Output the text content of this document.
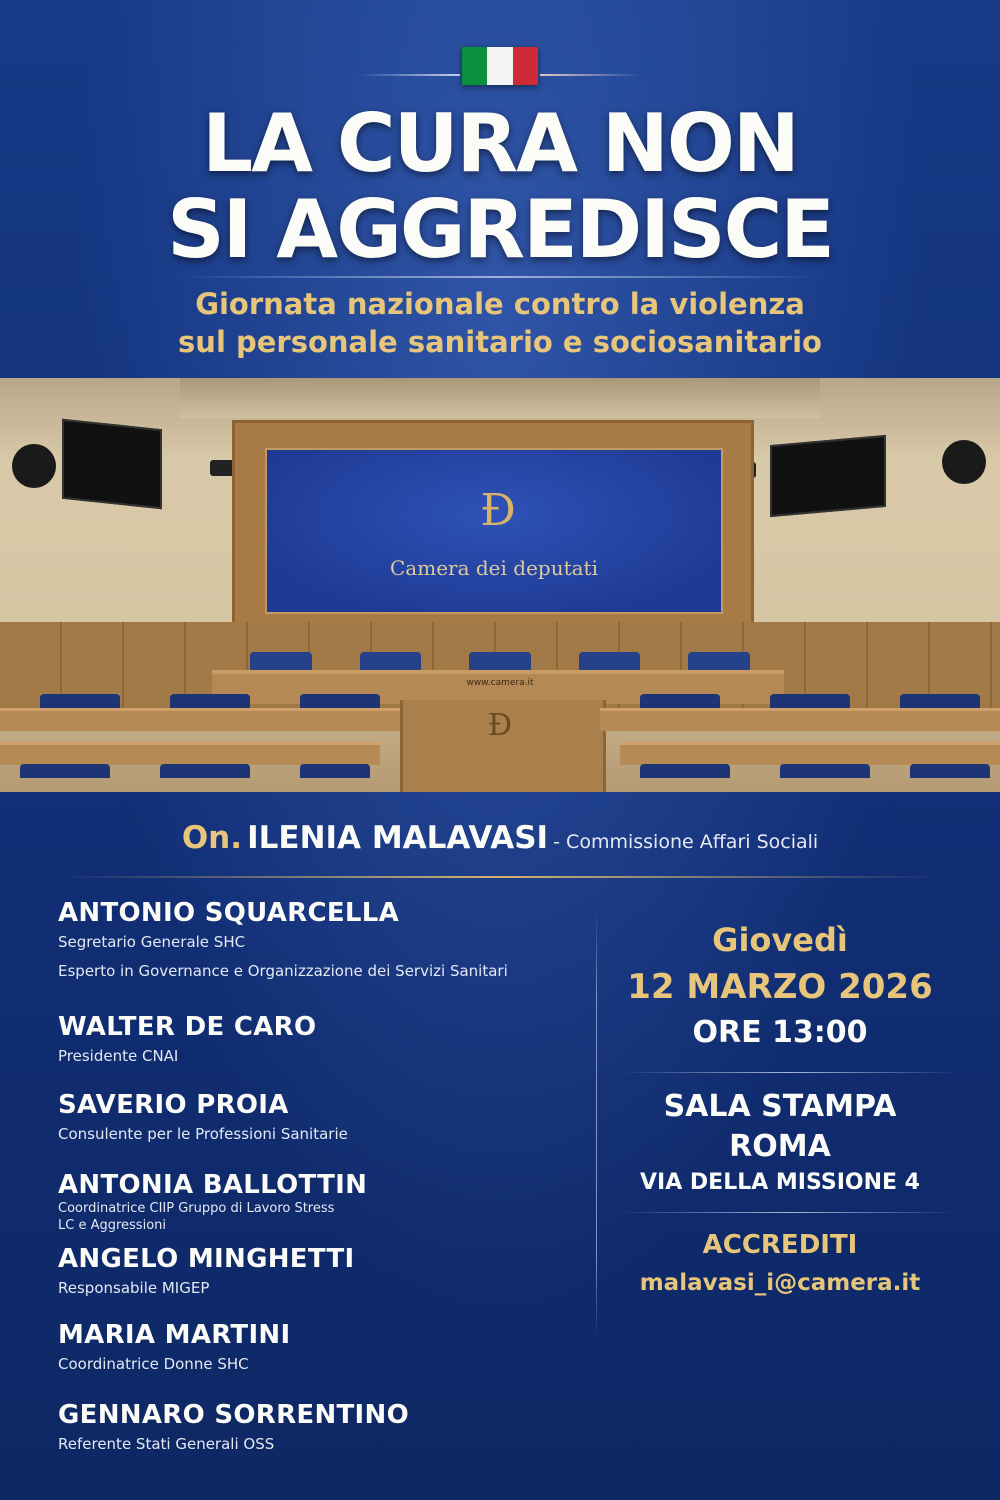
LA CURA NON
SI AGGREDISCE
Giornata nazionale contro la violenza
sul personale sanitario e sociosanitario
Ð
Camera dei deputati
www.camera.it
Ð
On. ILENIA MALAVASI - Commissione Affari Sociali
ANTONIO SQUARCELLA
Segretario Generale SHC
Esperto in Governance e Organizzazione dei Servizi Sanitari
WALTER DE CARO
Presidente CNAI
SAVERIO PROIA
Consulente per le Professioni Sanitarie
ANTONIA BALLOTTIN
Coordinatrice CIIP Gruppo di Lavoro Stress
LC e Aggressioni
ANGELO MINGHETTI
Responsabile MIGEP
MARIA MARTINI
Coordinatrice Donne SHC
GENNARO SORRENTINO
Referente Stati Generali OSS
Giovedì
12 MARZO 2026
ORE 13:00
SALA STAMPA
ROMA
VIA DELLA MISSIONE 4
ACCREDITI
malavasi_i@camera.it
